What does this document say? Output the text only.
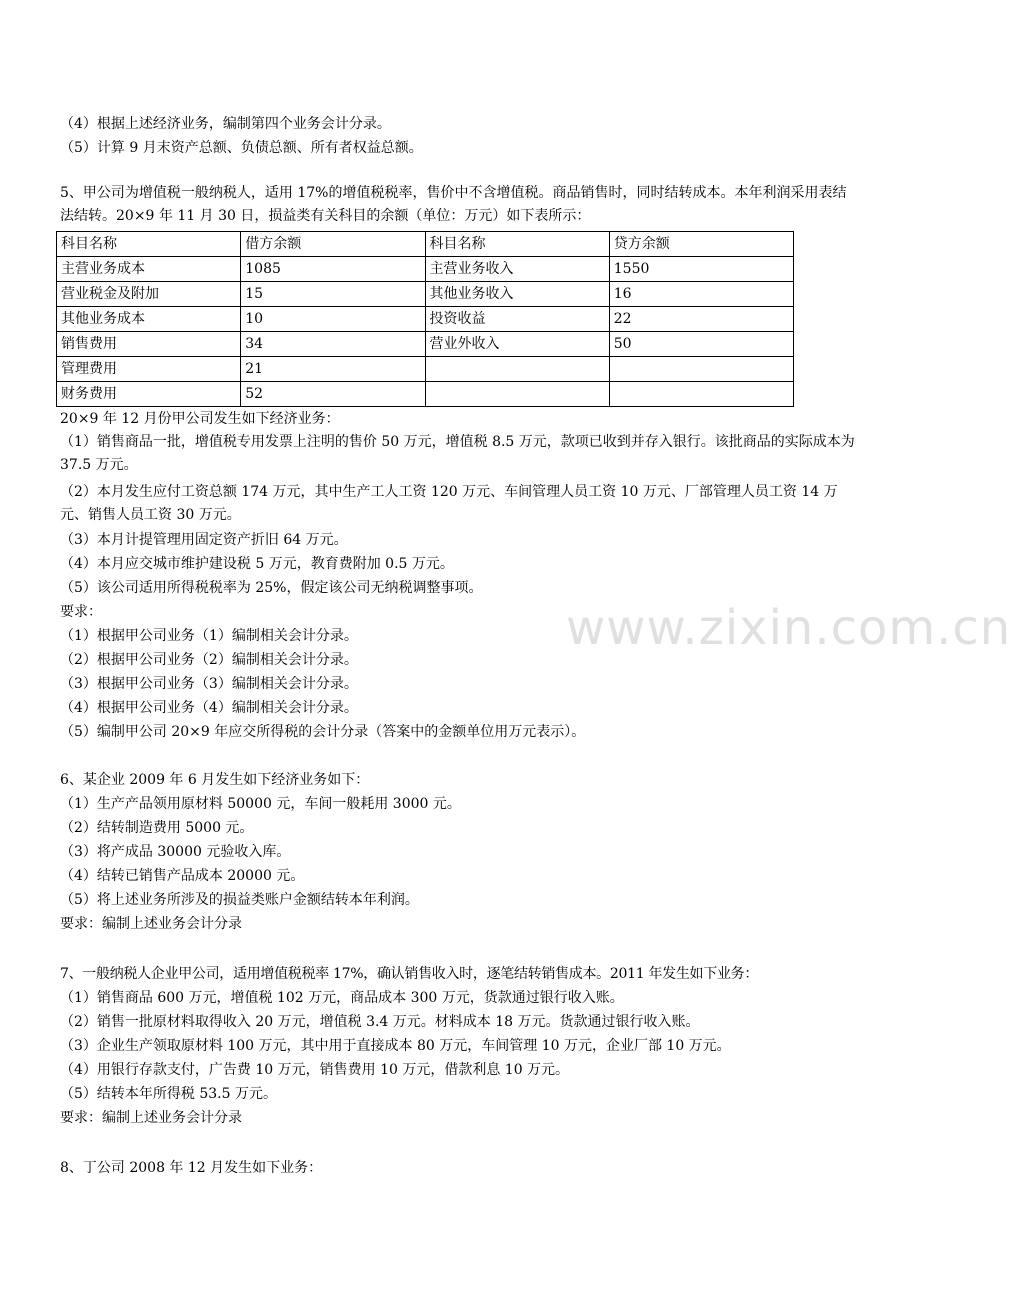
（4）根据上述经济业务，编制第四个业务会计分录。
（5）计算 9 月末资产总额、负债总额、所有者权益总额。
5、甲公司为增值税一般纳税人，适用 17%的增值税税率，售价中不含增值税。商品销售时，同时结转成本。本年利润采用表结法结转。20×9 年 11 月 30 日，损益类有关科目的余额（单位：万元）如下表所示：
科目名称	借方余额	科目名称	贷方余额
主营业务成本	1085	主营业务收入	1550
营业税金及附加	15	其他业务收入	16
其他业务成本	10	投资收益	22
销售费用	34	营业外收入	50
管理费用	21		
财务费用	52		
20×9 年 12 月份甲公司发生如下经济业务：
（1）销售商品一批，增值税专用发票上注明的售价 50 万元，增值税 8.5 万元，款项已收到并存入银行。该批商品的实际成本为 37.5 万元。
（2）本月发生应付工资总额 174 万元，其中生产工人工资 120 万元、车间管理人员工资 10 万元、厂部管理人员工资 14 万元、销售人员工资 30 万元。
（3）本月计提管理用固定资产折旧 64 万元。
（4）本月应交城市维护建设税 5 万元，教育费附加 0.5 万元。
（5）该公司适用所得税税率为 25%，假定该公司无纳税调整事项。
要求：
（1）根据甲公司业务（1）编制相关会计分录。
（2）根据甲公司业务（2）编制相关会计分录。
（3）根据甲公司业务（3）编制相关会计分录。
（4）根据甲公司业务（4）编制相关会计分录。
（5）编制甲公司 20×9 年应交所得税的会计分录（答案中的金额单位用万元表示）。
6、某企业 2009 年 6 月发生如下经济业务如下：
（1）生产产品领用原材料 50000 元，车间一般耗用 3000 元。
（2）结转制造费用 5000 元。
（3）将产成品 30000 元验收入库。
（4）结转已销售产品成本 20000 元。
（5）将上述业务所涉及的损益类账户金额结转本年利润。
要求：编制上述业务会计分录
7、一般纳税人企业甲公司，适用增值税税率 17%，确认销售收入时，逐笔结转销售成本。2011 年发生如下业务：
（1）销售商品 600 万元，增值税 102 万元，商品成本 300 万元，货款通过银行收入账。
（2）销售一批原材料取得收入 20 万元，增值税 3.4 万元。材料成本 18 万元。货款通过银行收入账。
（3）企业生产领取原材料 100 万元，其中用于直接成本 80 万元，车间管理 10 万元，企业厂部 10 万元。
（4）用银行存款支付，广告费 10 万元，销售费用 10 万元，借款利息 10 万元。
（5）结转本年所得税 53.5 万元。
要求：编制上述业务会计分录
8、丁公司 2008 年 12 月发生如下业务：
www.zixin.com.cn
